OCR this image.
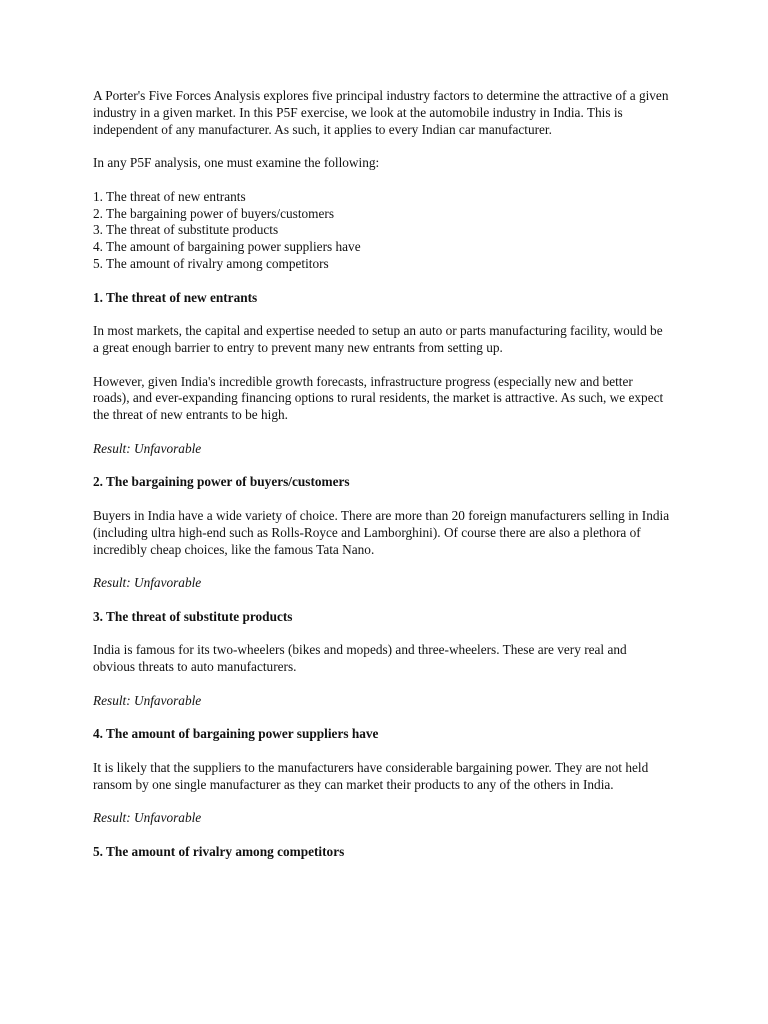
A Porter's Five Forces Analysis explores five principal industry factors to determine the attractive of a given industry in a given market. In this P5F exercise, we look at the automobile industry in India. This is independent of any manufacturer. As such, it applies to every Indian car manufacturer.

In any P5F analysis, one must examine the following:

1. The threat of new entrants
2. The bargaining power of buyers/customers
3. The threat of substitute products
4. The amount of bargaining power suppliers have
5. The amount of rivalry among competitors

1. The threat of new entrants

In most markets, the capital and expertise needed to setup an auto or parts manufacturing facility, would be a great enough barrier to entry to prevent many new entrants from setting up.

However, given India's incredible growth forecasts, infrastructure progress (especially new and better roads), and ever-expanding financing options to rural residents, the market is attractive. As such, we expect the threat of new entrants to be high.

Result: Unfavorable

2. The bargaining power of buyers/customers

Buyers in India have a wide variety of choice. There are more than 20 foreign manufacturers selling in India (including ultra high-end such as Rolls-Royce and Lamborghini). Of course there are also a plethora of incredibly cheap choices, like the famous Tata Nano.

Result: Unfavorable

3. The threat of substitute products

India is famous for its two-wheelers (bikes and mopeds) and three-wheelers. These are very real and obvious threats to auto manufacturers.

Result: Unfavorable

4. The amount of bargaining power suppliers have

It is likely that the suppliers to the manufacturers have considerable bargaining power. They are not held ransom by one single manufacturer as they can market their products to any of the others in India.

Result: Unfavorable

5. The amount of rivalry among competitors
